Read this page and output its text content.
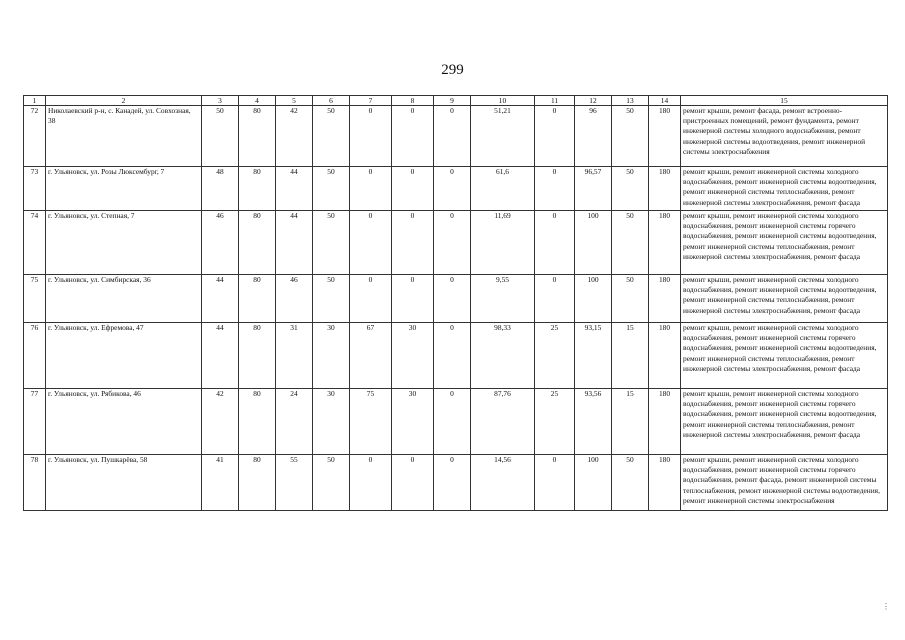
299
1	2	3	4	5	6	7	8	9	10	11	12	13	14	15
72	Николаевский р-н, с. Канадей, ул. Совхозная, 38	50	80	42	50	0	0	0	51,21	0	96	50	180	ремонт крыши, ремонт фасада, ремонт встроенно-пристроенных помещений, ремонт фундамента, ремонт инженерной системы холодного водоснабжения, ремонт инженерной системы водоотведения, ремонт инженерной системы электроснабжения
73	г. Ульяновск, ул. Розы Люксембург, 7	48	80	44	50	0	0	0	61,6	0	96,57	50	180	ремонт крыши, ремонт инженерной системы холодного водоснабжения, ремонт инженерной системы водоотведения, ремонт инженерной системы теплоснабжения, ремонт инженерной системы электроснабжения, ремонт фасада
74	г. Ульяновск, ул. Степная, 7	46	80	44	50	0	0	0	11,69	0	100	50	180	ремонт крыши, ремонт инженерной системы холодного водоснабжения, ремонт инженерной системы горячего водоснабжения, ремонт инженерной системы водоотведения, ремонт инженерной системы теплоснабжения, ремонт инженерной системы электроснабжения, ремонт фасада
75	г. Ульяновск, ул. Симбирская, 36	44	80	46	50	0	0	0	9,55	0	100	50	180	ремонт крыши, ремонт инженерной системы холодного водоснабжения, ремонт инженерной системы водоотведения, ремонт инженерной системы теплоснабжения, ремонт инженерной системы электроснабжения, ремонт фасада
76	г. Ульяновск, ул. Ефремова, 47	44	80	31	30	67	30	0	98,33	25	93,15	15	180	ремонт крыши, ремонт инженерной системы холодного водоснабжения, ремонт инженерной системы горячего водоснабжения, ремонт инженерной системы водоотведения, ремонт инженерной системы теплоснабжения, ремонт инженерной системы электроснабжения, ремонт фасада
77	г. Ульяновск, ул. Рябикова, 46	42	80	24	30	75	30	0	87,76	25	93,56	15	180	ремонт крыши, ремонт инженерной системы холодного водоснабжения, ремонт инженерной системы горячего водоснабжения, ремонт инженерной системы водоотведения, ремонт инженерной системы теплоснабжения, ремонт инженерной системы электроснабжения, ремонт фасада
78	г. Ульяновск, ул. Пушкарёва, 58	41	80	55	50	0	0	0	14,56	0	100	50	180	ремонт крыши, ремонт инженерной системы холодного водоснабжения, ремонт инженерной системы горячего водоснабжения, ремонт фасада, ремонт инженерной системы теплоснабжения, ремонт инженерной системы водоотведения, ремонт инженерной системы электроснабжения
⋮
